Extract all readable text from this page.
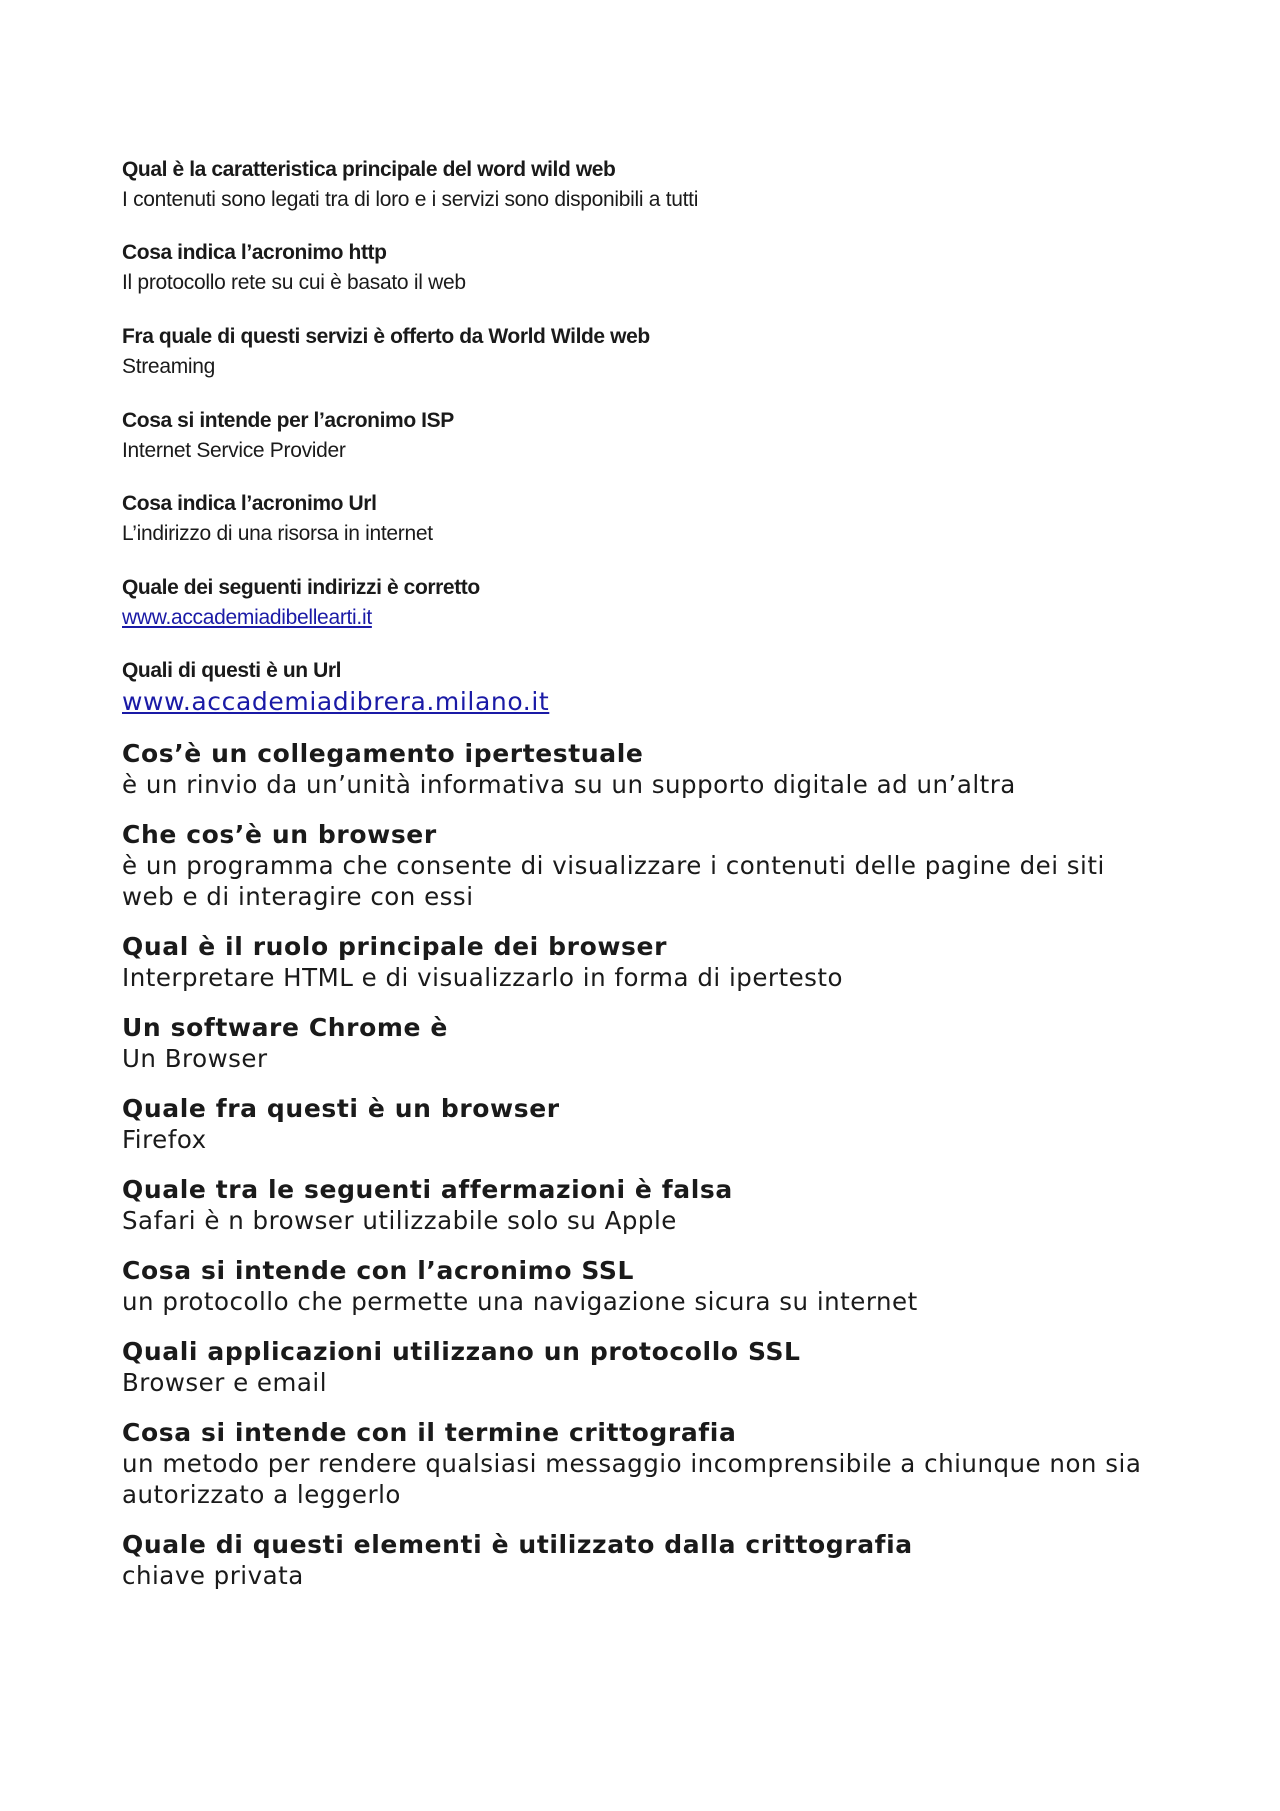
Qual è la caratteristica principale del word wild web
I contenuti sono legati tra di loro e i servizi sono disponibili a tutti
Cosa indica l’acronimo http
Il protocollo rete su cui è basato il web
Fra quale di questi servizi è offerto da World Wilde web
Streaming
Cosa si intende per l’acronimo ISP
Internet Service Provider
Cosa indica l’acronimo Url
L’indirizzo di una risorsa in internet
Quale dei seguenti indirizzi è corretto
www.accademiadibellearti.it
Quali di questi è un Url
www.accademiadibrera.milano.it
Cos’è un collegamento ipertestuale
è un rinvio da un’unità informativa su un supporto digitale ad un’altra
Che cos’è un browser
è un programma che consente di visualizzare i contenuti delle pagine dei siti web e di interagire con essi
Qual è il ruolo principale dei browser
Interpretare HTML e di visualizzarlo in forma di ipertesto
Un software Chrome è
Un Browser
Quale fra questi è un browser
Firefox
Quale tra le seguenti affermazioni è falsa
Safari è n browser utilizzabile solo su Apple
Cosa si intende con l’acronimo SSL
un protocollo che permette una navigazione sicura su internet
Quali applicazioni utilizzano un protocollo SSL
Browser e email
Cosa si intende con il termine crittografia
un metodo per rendere qualsiasi messaggio incomprensibile a chiunque non sia autorizzato a leggerlo
Quale di questi elementi è utilizzato dalla crittografia
chiave privata
